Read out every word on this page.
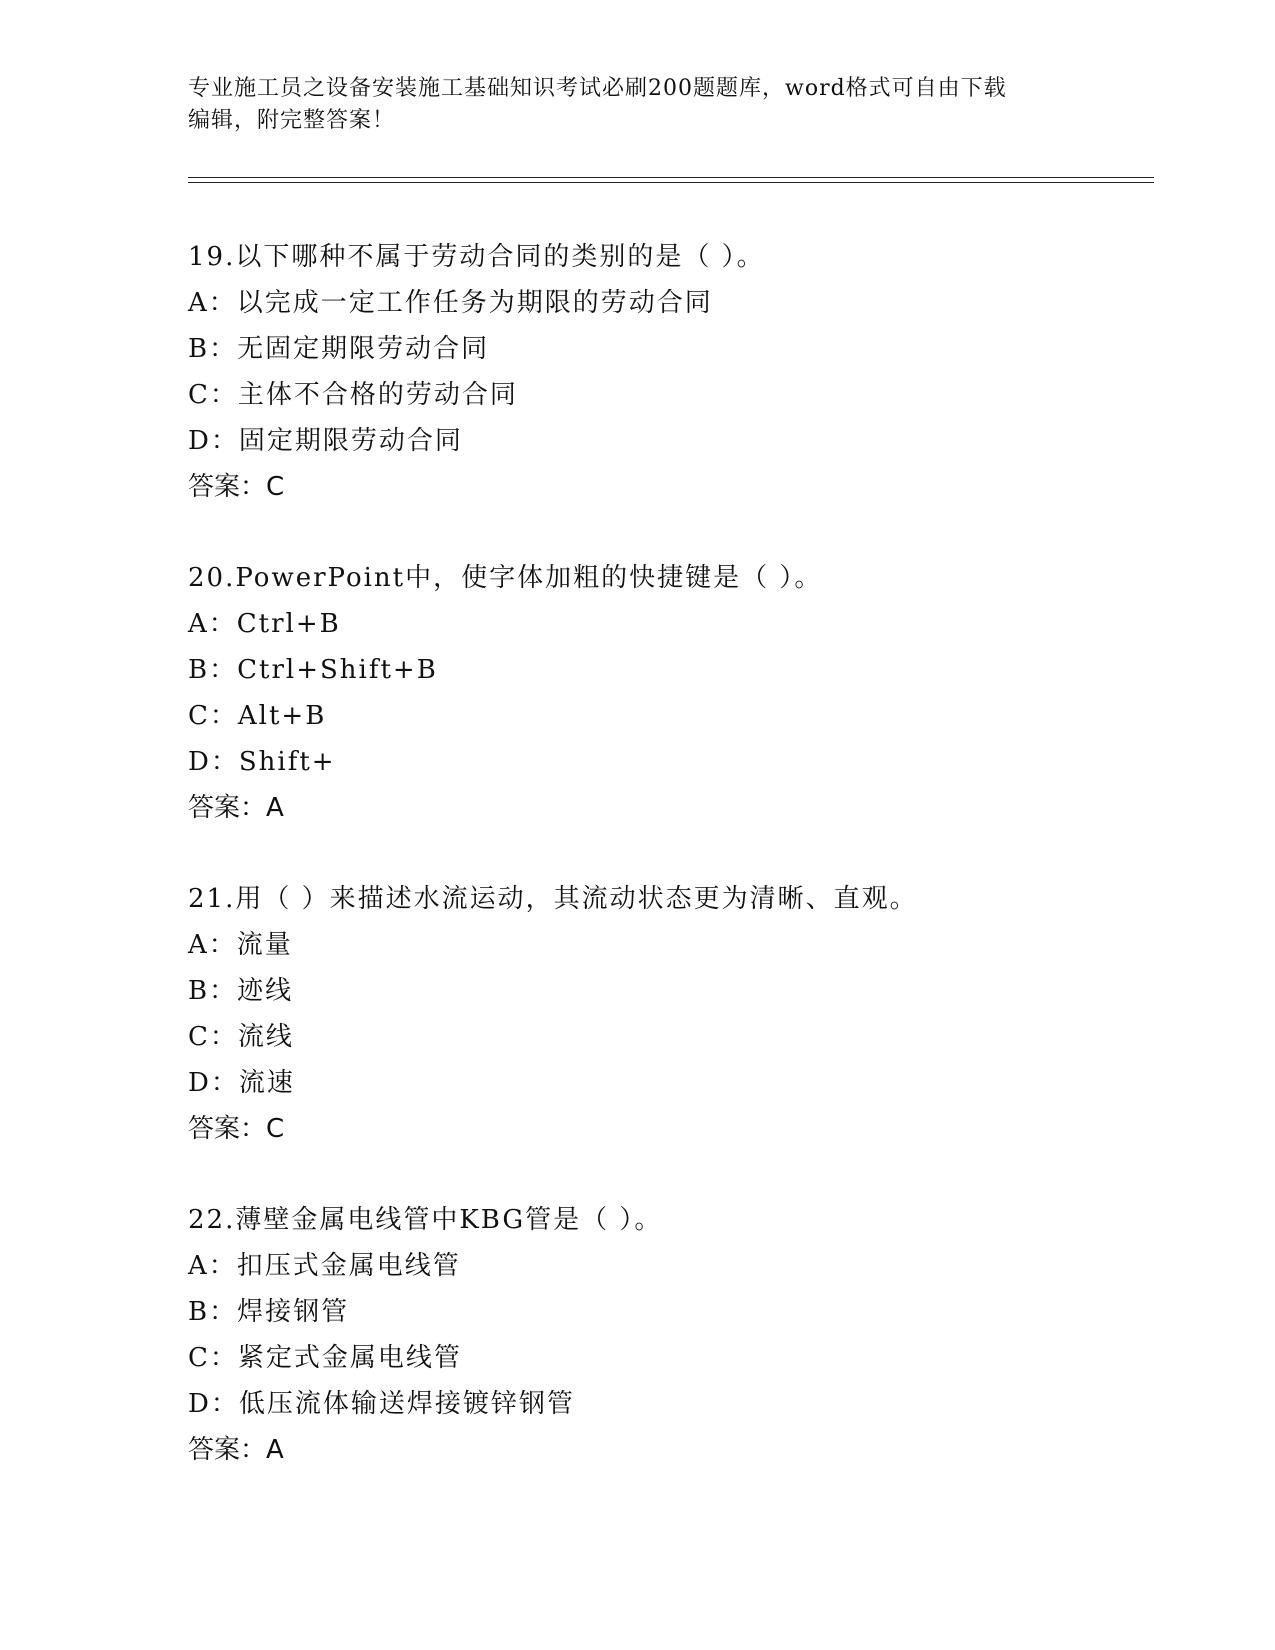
专业施工员之设备安装施工基础知识考试必刷200题题库，word格式可自由下载
编辑，附完整答案！
19.以下哪种不属于劳动合同的类别的是（ ）。
A：以完成一定工作任务为期限的劳动合同
B：无固定期限劳动合同
C：主体不合格的劳动合同
D：固定期限劳动合同
答案：C
20.PowerPoint中，使字体加粗的快捷键是（ ）。
A：Ctrl+B
B：Ctrl+Shift+B
C：Alt+B
D：Shift+
答案：A
21.用（ ）来描述水流运动，其流动状态更为清晰、直观。
A：流量
B：迹线
C：流线
D：流速
答案：C
22.薄壁金属电线管中KBG管是（ ）。
A：扣压式金属电线管
B：焊接钢管
C：紧定式金属电线管
D：低压流体输送焊接镀锌钢管
答案：A
